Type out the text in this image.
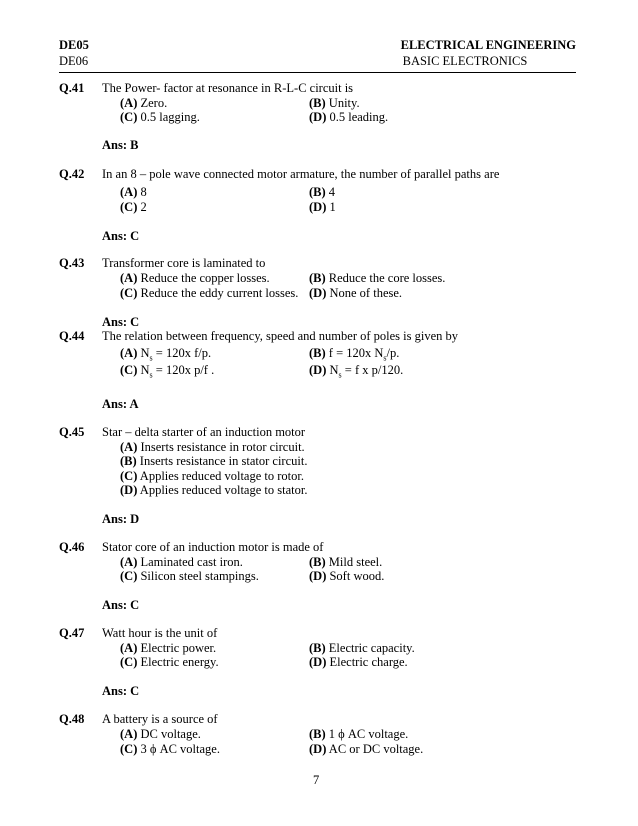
DE05
DE06
ELECTRICAL ENGINEERING
BASIC ELECTRONICS
Q.41 The Power- factor at resonance in R-L-C circuit is
(A) Zero.	(B) Unity.
(C) 0.5 lagging.	(D) 0.5 leading.
Ans: B
Q.42 In an 8 – pole wave connected motor armature, the number of parallel paths are
(A) 8	(B) 4
(C) 2	(D) 1
Ans: C
Q.43 Transformer core is laminated to
(A) Reduce the copper losses.	(B) Reduce the core losses.
(C) Reduce the eddy current losses. (D) None of these.
Ans: C
Q.44 The relation between frequency, speed and number of poles is given by
(A) $N_s = 120x$ f/p.	(B) f = 120x $N_s/p$.
(C) $N_s = 120x$ p/f .	(D) $N_s = f$ x p/120.
Ans: A
Q.45 Star – delta starter of an induction motor
(A) Inserts resistance in rotor circuit.
(B) Inserts resistance in stator circuit.
(C) Applies reduced voltage to rotor.
(D) Applies reduced voltage to stator.
Ans: D
Q.46 Stator core of an induction motor is made of
(A) Laminated cast iron.	(B) Mild steel.
(C) Silicon steel stampings.	(D) Soft wood.
Ans: C
Q.47 Watt hour is the unit of
(A) Electric power.	(B) Electric capacity.
(C) Electric energy.	(D) Electric charge.
Ans: C
Q.48 A battery is a source of
(A) DC voltage.	(B) 1 ϕ AC voltage.
(C) 3 ϕ AC voltage.	(D) AC or DC voltage.
7
